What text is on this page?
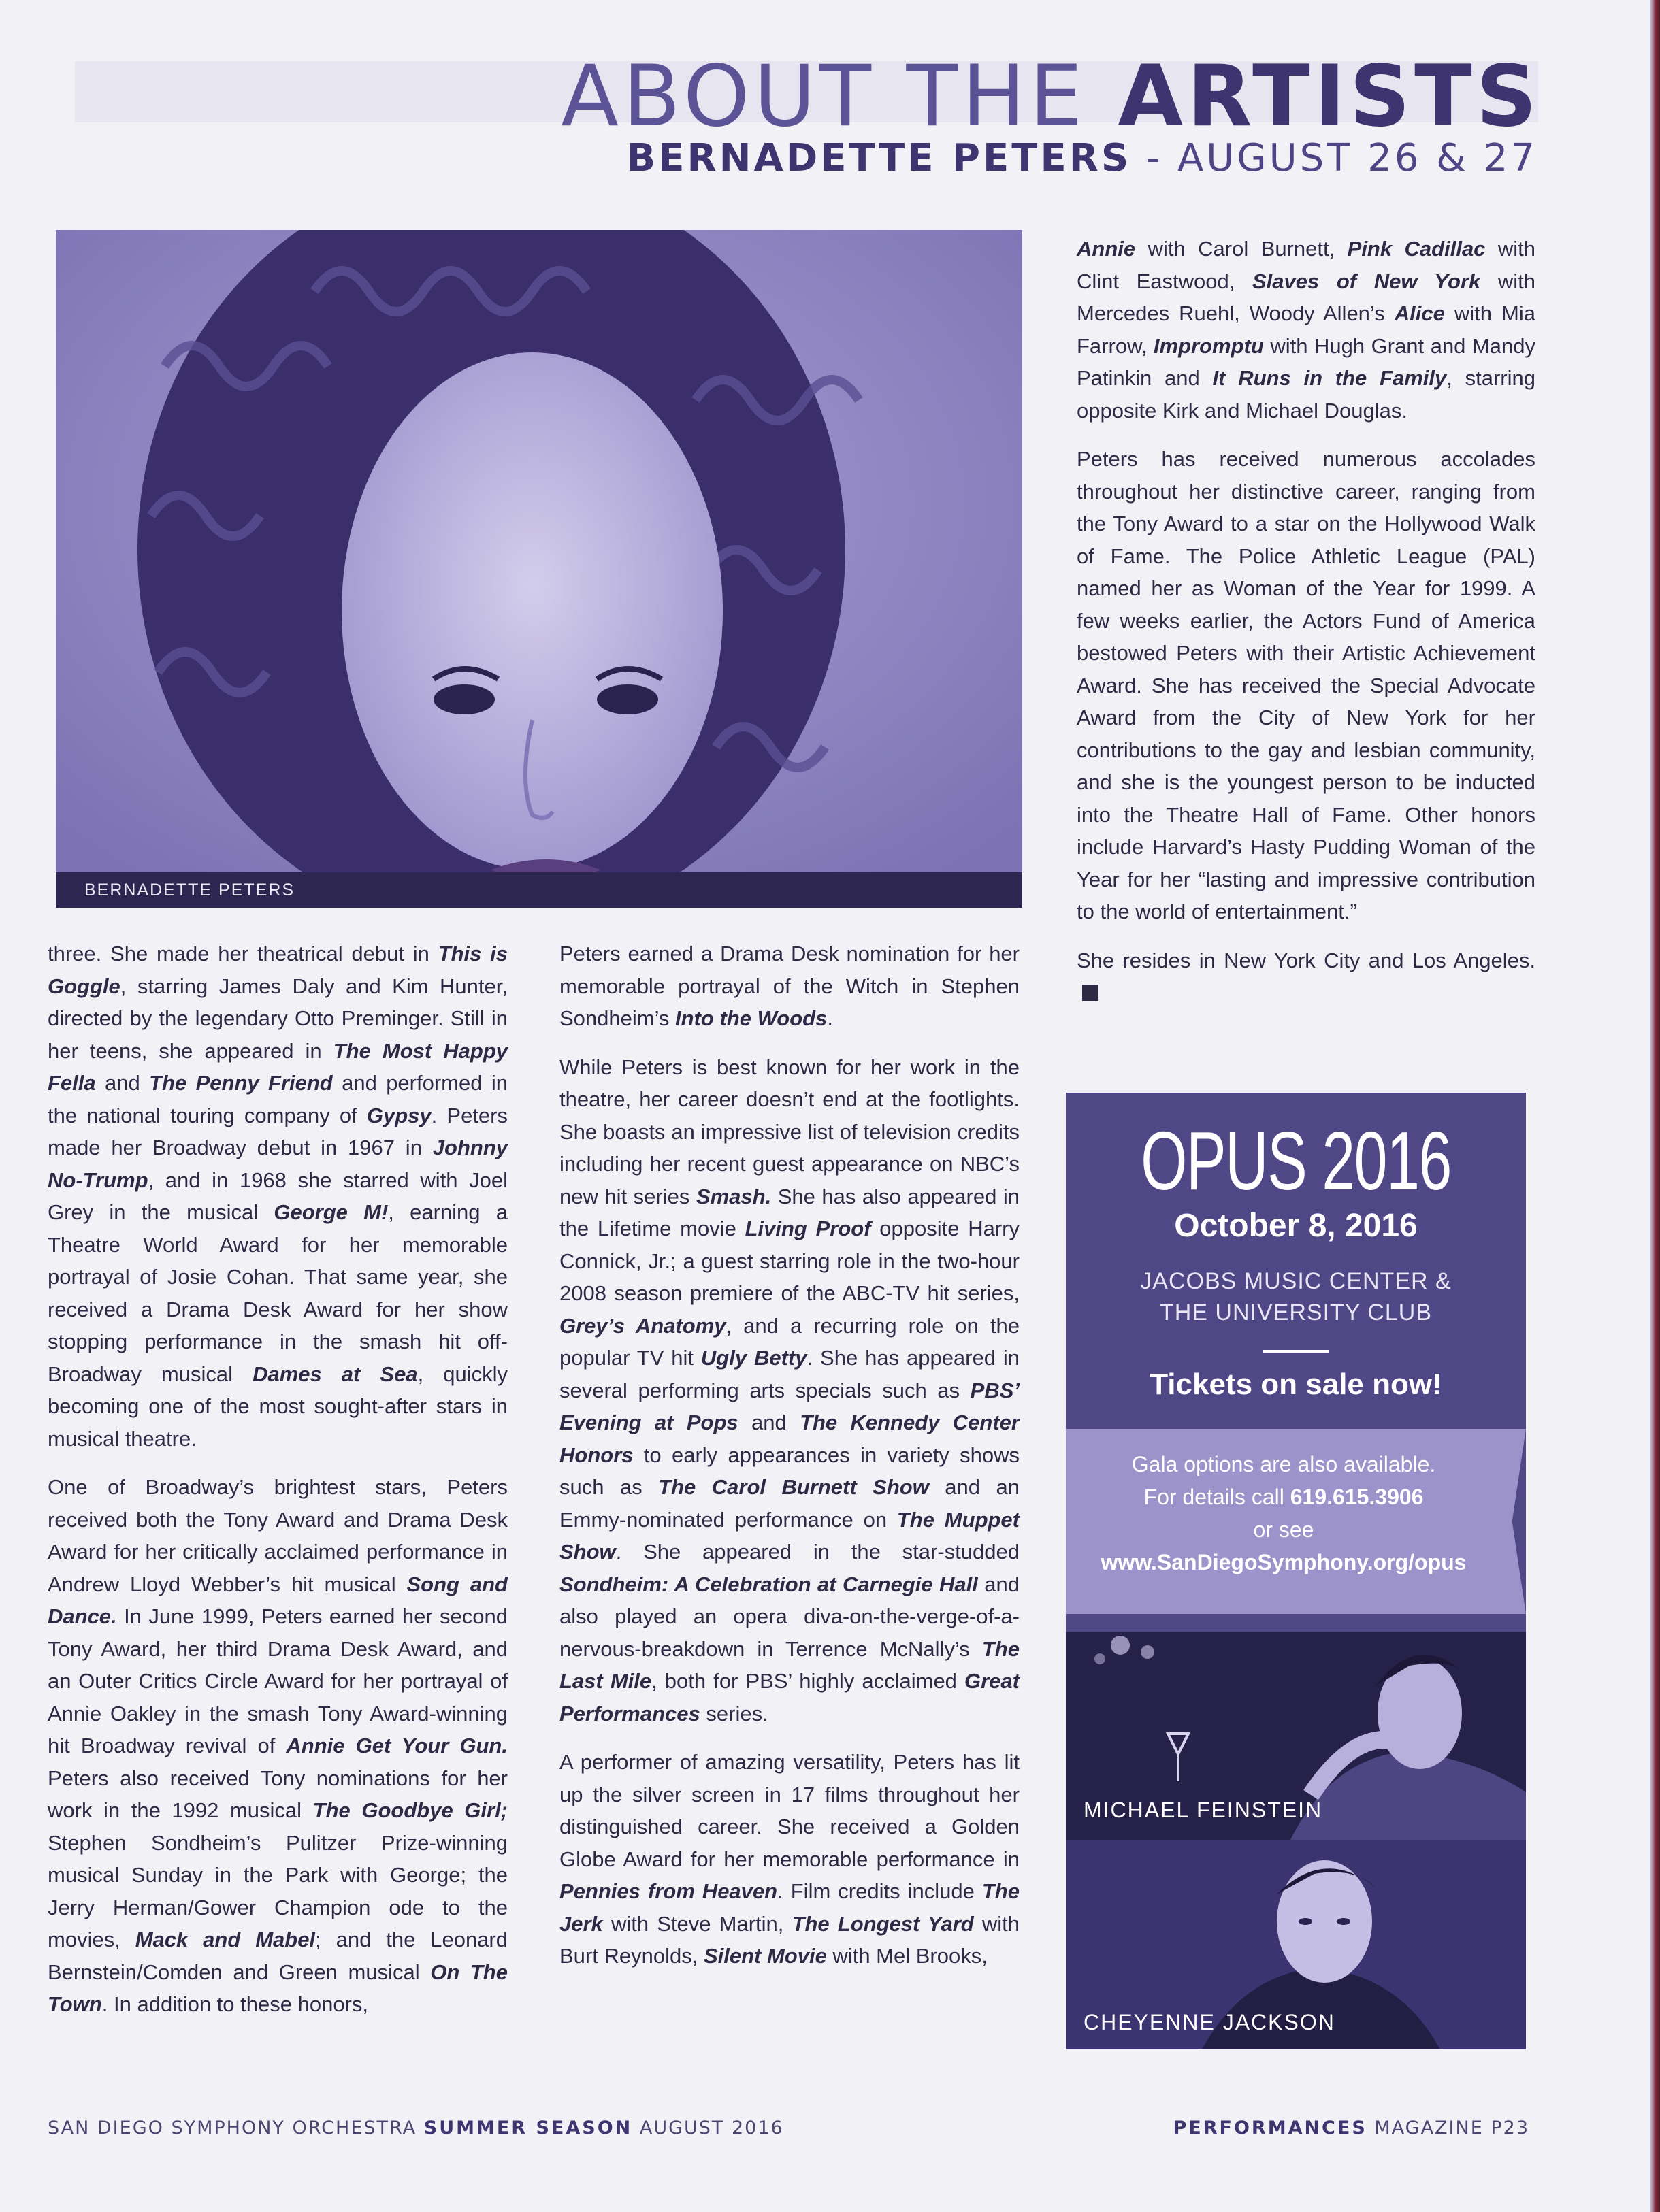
ABOUT THE ARTISTS
BERNADETTE PETERS - AUGUST 26 & 27
BERNADETTE PETERS

three. She made her theatrical debut in This is Goggle, starring James Daly and Kim Hunter, directed by the legendary Otto Preminger. Still in her teens, she appeared in The Most Happy Fella and The Penny Friend and performed in the national touring company of Gypsy. Peters made her Broadway debut in 1967 in Johnny No-Trump, and in 1968 she starred with Joel Grey in the musical George M!, earning a Theatre World Award for her memorable portrayal of Josie Cohan. That same year, she received a Drama Desk Award for her show stopping performance in the smash hit off-Broadway musical Dames at Sea, quickly becoming one of the most sought-after stars in musical theatre.

One of Broadway’s brightest stars, Peters received both the Tony Award and Drama Desk Award for her critically acclaimed performance in Andrew Lloyd Webber’s hit musical Song and Dance. In June 1999, Peters earned her second Tony Award, her third Drama Desk Award, and an Outer Critics Circle Award for her portrayal of Annie Oakley in the smash Tony Award-winning hit Broadway revival of Annie Get Your Gun. Peters also received Tony nominations for her work in the 1992 musical The Goodbye Girl; Stephen Sondheim’s Pulitzer Prize-winning musical Sunday in the Park with George; the Jerry Herman/Gower Champion ode to the movies, Mack and Mabel; and the Leonard Bernstein/Comden and Green musical On The Town. In addition to these honors,

Peters earned a Drama Desk nomination for her memorable portrayal of the Witch in Stephen Sondheim’s Into the Woods.

While Peters is best known for her work in the theatre, her career doesn’t end at the footlights. She boasts an impressive list of television credits including her recent guest appearance on NBC’s new hit series Smash. She has also appeared in the Lifetime movie Living Proof opposite Harry Connick, Jr.; a guest starring role in the two-hour 2008 season premiere of the ABC-TV hit series, Grey’s Anatomy, and a recurring role on the popular TV hit Ugly Betty. She has appeared in several performing arts specials such as PBS’ Evening at Pops and The Kennedy Center Honors to early appearances in variety shows such as The Carol Burnett Show and an Emmy-nominated performance on The Muppet Show. She appeared in the star-studded Sondheim: A Celebration at Carnegie Hall and also played an opera diva-on-the-verge-of-a-nervous-breakdown in Terrence McNally’s The Last Mile, both for PBS’ highly acclaimed Great Performances series.

A performer of amazing versatility, Peters has lit up the silver screen in 17 films throughout her distinguished career. She received a Golden Globe Award for her memorable performance in Pennies from Heaven. Film credits include The Jerk with Steve Martin, The Longest Yard with Burt Reynolds, Silent Movie with Mel Brooks,

Annie with Carol Burnett, Pink Cadillac with Clint Eastwood, Slaves of New York with Mercedes Ruehl, Woody Allen’s Alice with Mia Farrow, Impromptu with Hugh Grant and Mandy Patinkin and It Runs in the Family, starring opposite Kirk and Michael Douglas.

Peters has received numerous accolades throughout her distinctive career, ranging from the Tony Award to a star on the Hollywood Walk of Fame. The Police Athletic League (PAL) named her as Woman of the Year for 1999. A few weeks earlier, the Actors Fund of America bestowed Peters with their Artistic Achievement Award. She has received the Special Advocate Award from the City of New York for her contributions to the gay and lesbian community, and she is the youngest person to be inducted into the Theatre Hall of Fame. Other honors include Harvard’s Hasty Pudding Woman of the Year for her “lasting and impressive contribution to the world of entertainment.”

She resides in New York City and Los Angeles.

OPUS 2016
October 8, 2016
JACOBS MUSIC CENTER &
THE UNIVERSITY CLUB
Tickets on sale now!
Gala options are also available.
For details call 619.615.3906
or see
www.SanDiegoSymphony.org/opus
MICHAEL FEINSTEIN
CHEYENNE JACKSON
SAN DIEGO SYMPHONY ORCHESTRA SUMMER SEASON AUGUST 2016	PERFORMANCES MAGAZINE P23
